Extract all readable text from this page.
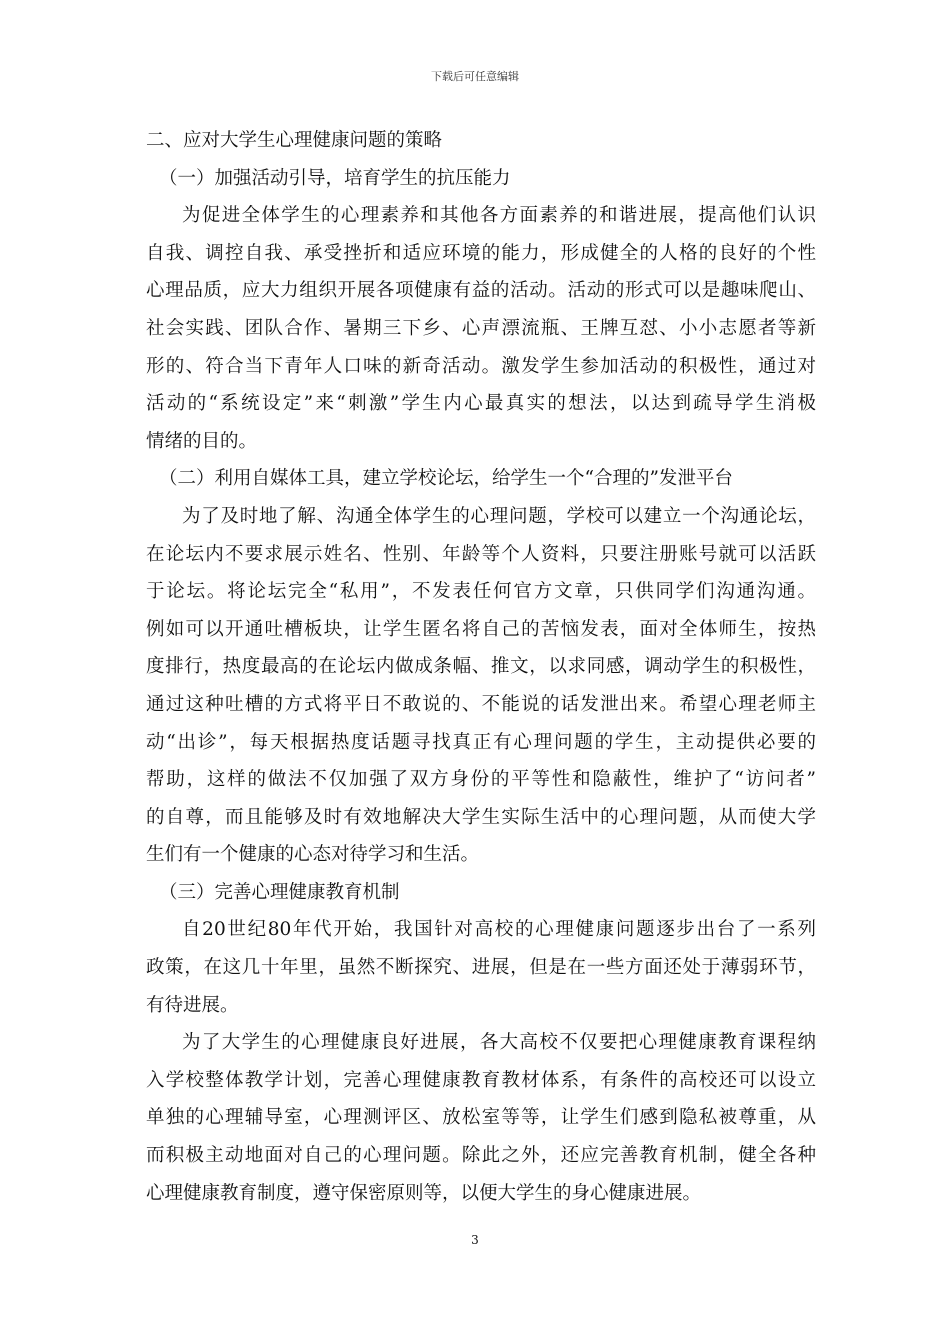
下载后可任意编辑
二、应对大学生心理健康问题的策略
（一）加强活动引导，培育学生的抗压能力
为促进全体学生的心理素养和其他各方面素养的和谐进展，提高他们认识
自我、调控自我、承受挫折和适应环境的能力，形成健全的人格的良好的个性
心理品质，应大力组织开展各项健康有益的活动。活动的形式可以是趣味爬山、
社会实践、团队合作、暑期三下乡、心声漂流瓶、王牌互怼、小小志愿者等新
形的、符合当下青年人口味的新奇活动。激发学生参加活动的积极性，通过对
活动的“系统设定”来“刺激”学生内心最真实的想法，以达到疏导学生消极
情绪的目的。
（二）利用自媒体工具，建立学校论坛，给学生一个“合理的”发泄平台
为了及时地了解、沟通全体学生的心理问题，学校可以建立一个沟通论坛，
在论坛内不要求展示姓名、性别、年龄等个人资料，只要注册账号就可以活跃
于论坛。将论坛完全“私用”，不发表任何官方文章，只供同学们沟通沟通。
例如可以开通吐槽板块，让学生匿名将自己的苦恼发表，面对全体师生，按热
度排行，热度最高的在论坛内做成条幅、推文，以求同感，调动学生的积极性，
通过这种吐槽的方式将平日不敢说的、不能说的话发泄出来。希望心理老师主
动“出诊”，每天根据热度话题寻找真正有心理问题的学生，主动提供必要的
帮助，这样的做法不仅加强了双方身份的平等性和隐蔽性，维护了“访问者”
的自尊，而且能够及时有效地解决大学生实际生活中的心理问题，从而使大学
生们有一个健康的心态对待学习和生活。
（三）完善心理健康教育机制
自20世纪80年代开始，我国针对高校的心理健康问题逐步出台了一系列
政策，在这几十年里，虽然不断探究、进展，但是在一些方面还处于薄弱环节，
有待进展。
为了大学生的心理健康良好进展，各大高校不仅要把心理健康教育课程纳
入学校整体教学计划，完善心理健康教育教材体系，有条件的高校还可以设立
单独的心理辅导室，心理测评区、放松室等等，让学生们感到隐私被尊重，从
而积极主动地面对自己的心理问题。除此之外，还应完善教育机制，健全各种
心理健康教育制度，遵守保密原则等，以便大学生的身心健康进展。
3
